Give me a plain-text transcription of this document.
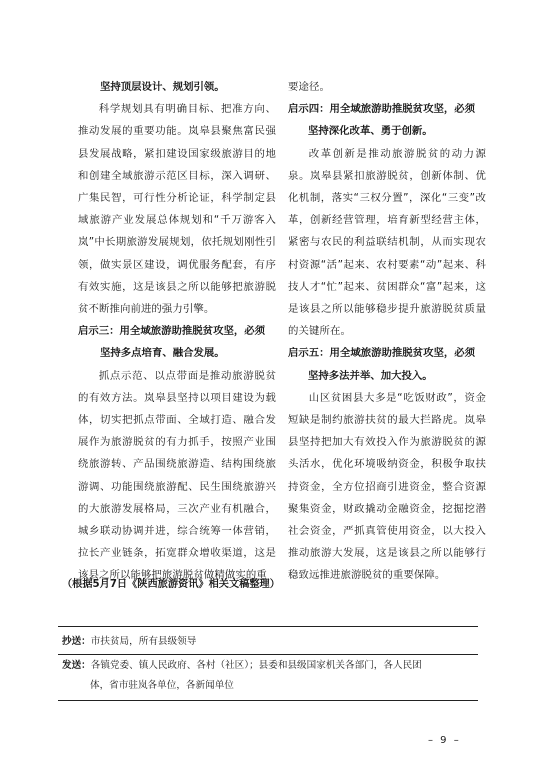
坚持顶层设计、规划引领。

科学规划具有明确目标、把准方向、推动发展的重要功能。岚皋县聚焦富民强县发展战略，紧扣建设国家级旅游目的地和创建全域旅游示范区目标，深入调研、广集民智，可行性分析论证，科学制定县域旅游产业发展总体规划和“千万游客入岚”中长期旅游发展规划，依托规划刚性引领，做实景区建设，调优服务配套，有序有效实施，这是该县之所以能够把旅游脱贫不断推向前进的强力引擎。

启示三：用全域旅游助推脱贫攻坚，必须

坚持多点培育、融合发展。

抓点示范、以点带面是推动旅游脱贫的有效方法。岚皋县坚持以项目建设为载体，切实把抓点带面、全域打造、融合发展作为旅游脱贫的有力抓手，按照产业围绕旅游转、产品围绕旅游造、结构围绕旅游调、功能围绕旅游配、民生围绕旅游兴的大旅游发展格局，三次产业有机融合，城乡联动协调并进，综合统筹一体营销，拉长产业链条，拓宽群众增收渠道，这是该县之所以能够把旅游脱贫做精做实的重

要途径。

启示四：用全域旅游助推脱贫攻坚，必须

坚持深化改革、勇于创新。

改革创新是推动旅游脱贫的动力源泉。岚皋县紧扣旅游脱贫，创新体制、优化机制，落实“三权分置”，深化“三变”改革，创新经营管理，培育新型经营主体，紧密与农民的利益联结机制，从而实现农村资源“活”起来、农村要素“动”起来、科技人才“忙”起来、贫困群众“富”起来，这是该县之所以能够稳步提升旅游脱贫质量的关键所在。

启示五：用全域旅游助推脱贫攻坚，必须

坚持多法并举、加大投入。

山区贫困县大多是“吃饭财政”，资金短缺是制约旅游扶贫的最大拦路虎。岚皋县坚持把加大有效投入作为旅游脱贫的源头活水，优化环境吸纳资金，积极争取扶持资金，全方位招商引进资金，整合资源聚集资金，财政撬动金融资金，挖掘挖潜社会资金，严抓真管使用资金，以大投入推动旅游大发展，这是该县之所以能够行稳致远推进旅游脱贫的重要保障。

（根据5月7日《陕西旅游资讯》相关文稿整理）
抄送：市扶贫局，所有县级领导
发送：各镇党委、镇人民政府、各村（社区）；县委和县级国家机关各部门，各人民团
体，省市驻岚各单位，各新闻单位
– 9 –
